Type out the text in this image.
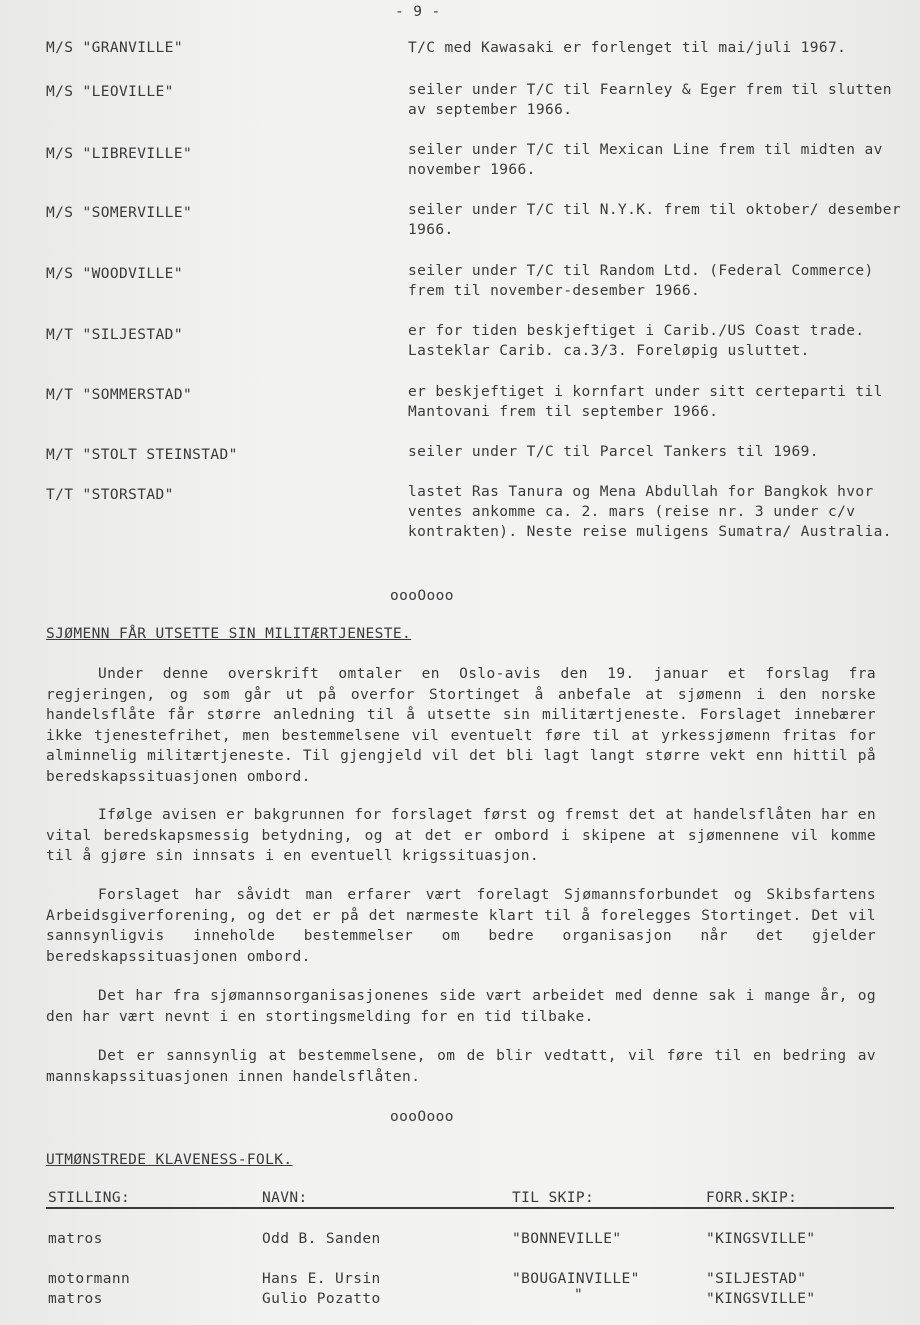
- 9 -
M/S "GRANVILLE"	T/C med Kawasaki er forlenget til mai/juli 1967.
M/S "LEOVILLE"	seiler under T/C til Fearnley & Eger frem til slutten av september 1966.
M/S "LIBREVILLE"	seiler under T/C til Mexican Line frem til midten av november 1966.
M/S "SOMERVILLE"	seiler under T/C til N.Y.K. frem til oktober/ desember 1966.
M/S "WOODVILLE"	seiler under T/C til Random Ltd. (Federal Commerce) frem til november-desember 1966.
M/T "SILJESTAD"	er for tiden beskjeftiget i Carib./US Coast trade. Lasteklar Carib. ca.3/3. Foreløpig usluttet.
M/T "SOMMERSTAD"	er beskjeftiget i kornfart under sitt certeparti til Mantovani frem til september 1966.
M/T "STOLT STEINSTAD"	seiler under T/C til Parcel Tankers til 1969.
T/T "STORSTAD"	lastet Ras Tanura og Mena Abdullah for Bangkok hvor ventes ankomme ca. 2. mars (reise nr. 3 under c/v kontrakten). Neste reise muligens Sumatra/ Australia.
oooOooo
SJØMENN FÅR UTSETTE SIN MILITÆRTJENESTE.
Under denne overskrift omtaler en Oslo-avis den 19. januar et forslag fra regjeringen, og som går ut på overfor Stortinget å anbefale at sjømenn i den norske handelsflåte får større anledning til å utsette sin militærtjeneste. Forslaget innebærer ikke tjenestefrihet, men bestemmelsene vil eventuelt føre til at yrkessjømenn fritas for alminnelig militærtjeneste. Til gjengjeld vil det bli lagt langt større vekt enn hittil på beredskapssituasjonen ombord.
Ifølge avisen er bakgrunnen for forslaget først og fremst det at handelsflåten har en vital beredskapsmessig betydning, og at det er ombord i skipene at sjømennene vil komme til å gjøre sin innsats i en eventuell krigssituasjon.
Forslaget har såvidt man erfarer vært forelagt Sjømannsforbundet og Skibsfartens Arbeidsgiverforening, og det er på det nærmeste klart til å forelegges Stortinget. Det vil sannsynligvis inneholde bestemmelser om bedre organisasjon når det gjelder beredskapssituasjonen ombord.
Det har fra sjømannsorganisasjonenes side vært arbeidet med denne sak i mange år, og den har vært nevnt i en stortingsmelding for en tid tilbake.
Det er sannsynlig at bestemmelsene, om de blir vedtatt, vil føre til en bedring av mannskapssituasjonen innen handelsflåten.
oooOooo
UTMØNSTREDE KLAVENESS-FOLK.
STILLING:	NAVN:	TIL SKIP:	FORR.SKIP:
matros	Odd B. Sanden	"BONNEVILLE"	"KINGSVILLE"
motormann	Hans E. Ursin	"BOUGAINVILLE"	"SILJESTAD"
matros	Gulio Pozatto	"	"KINGSVILLE"
